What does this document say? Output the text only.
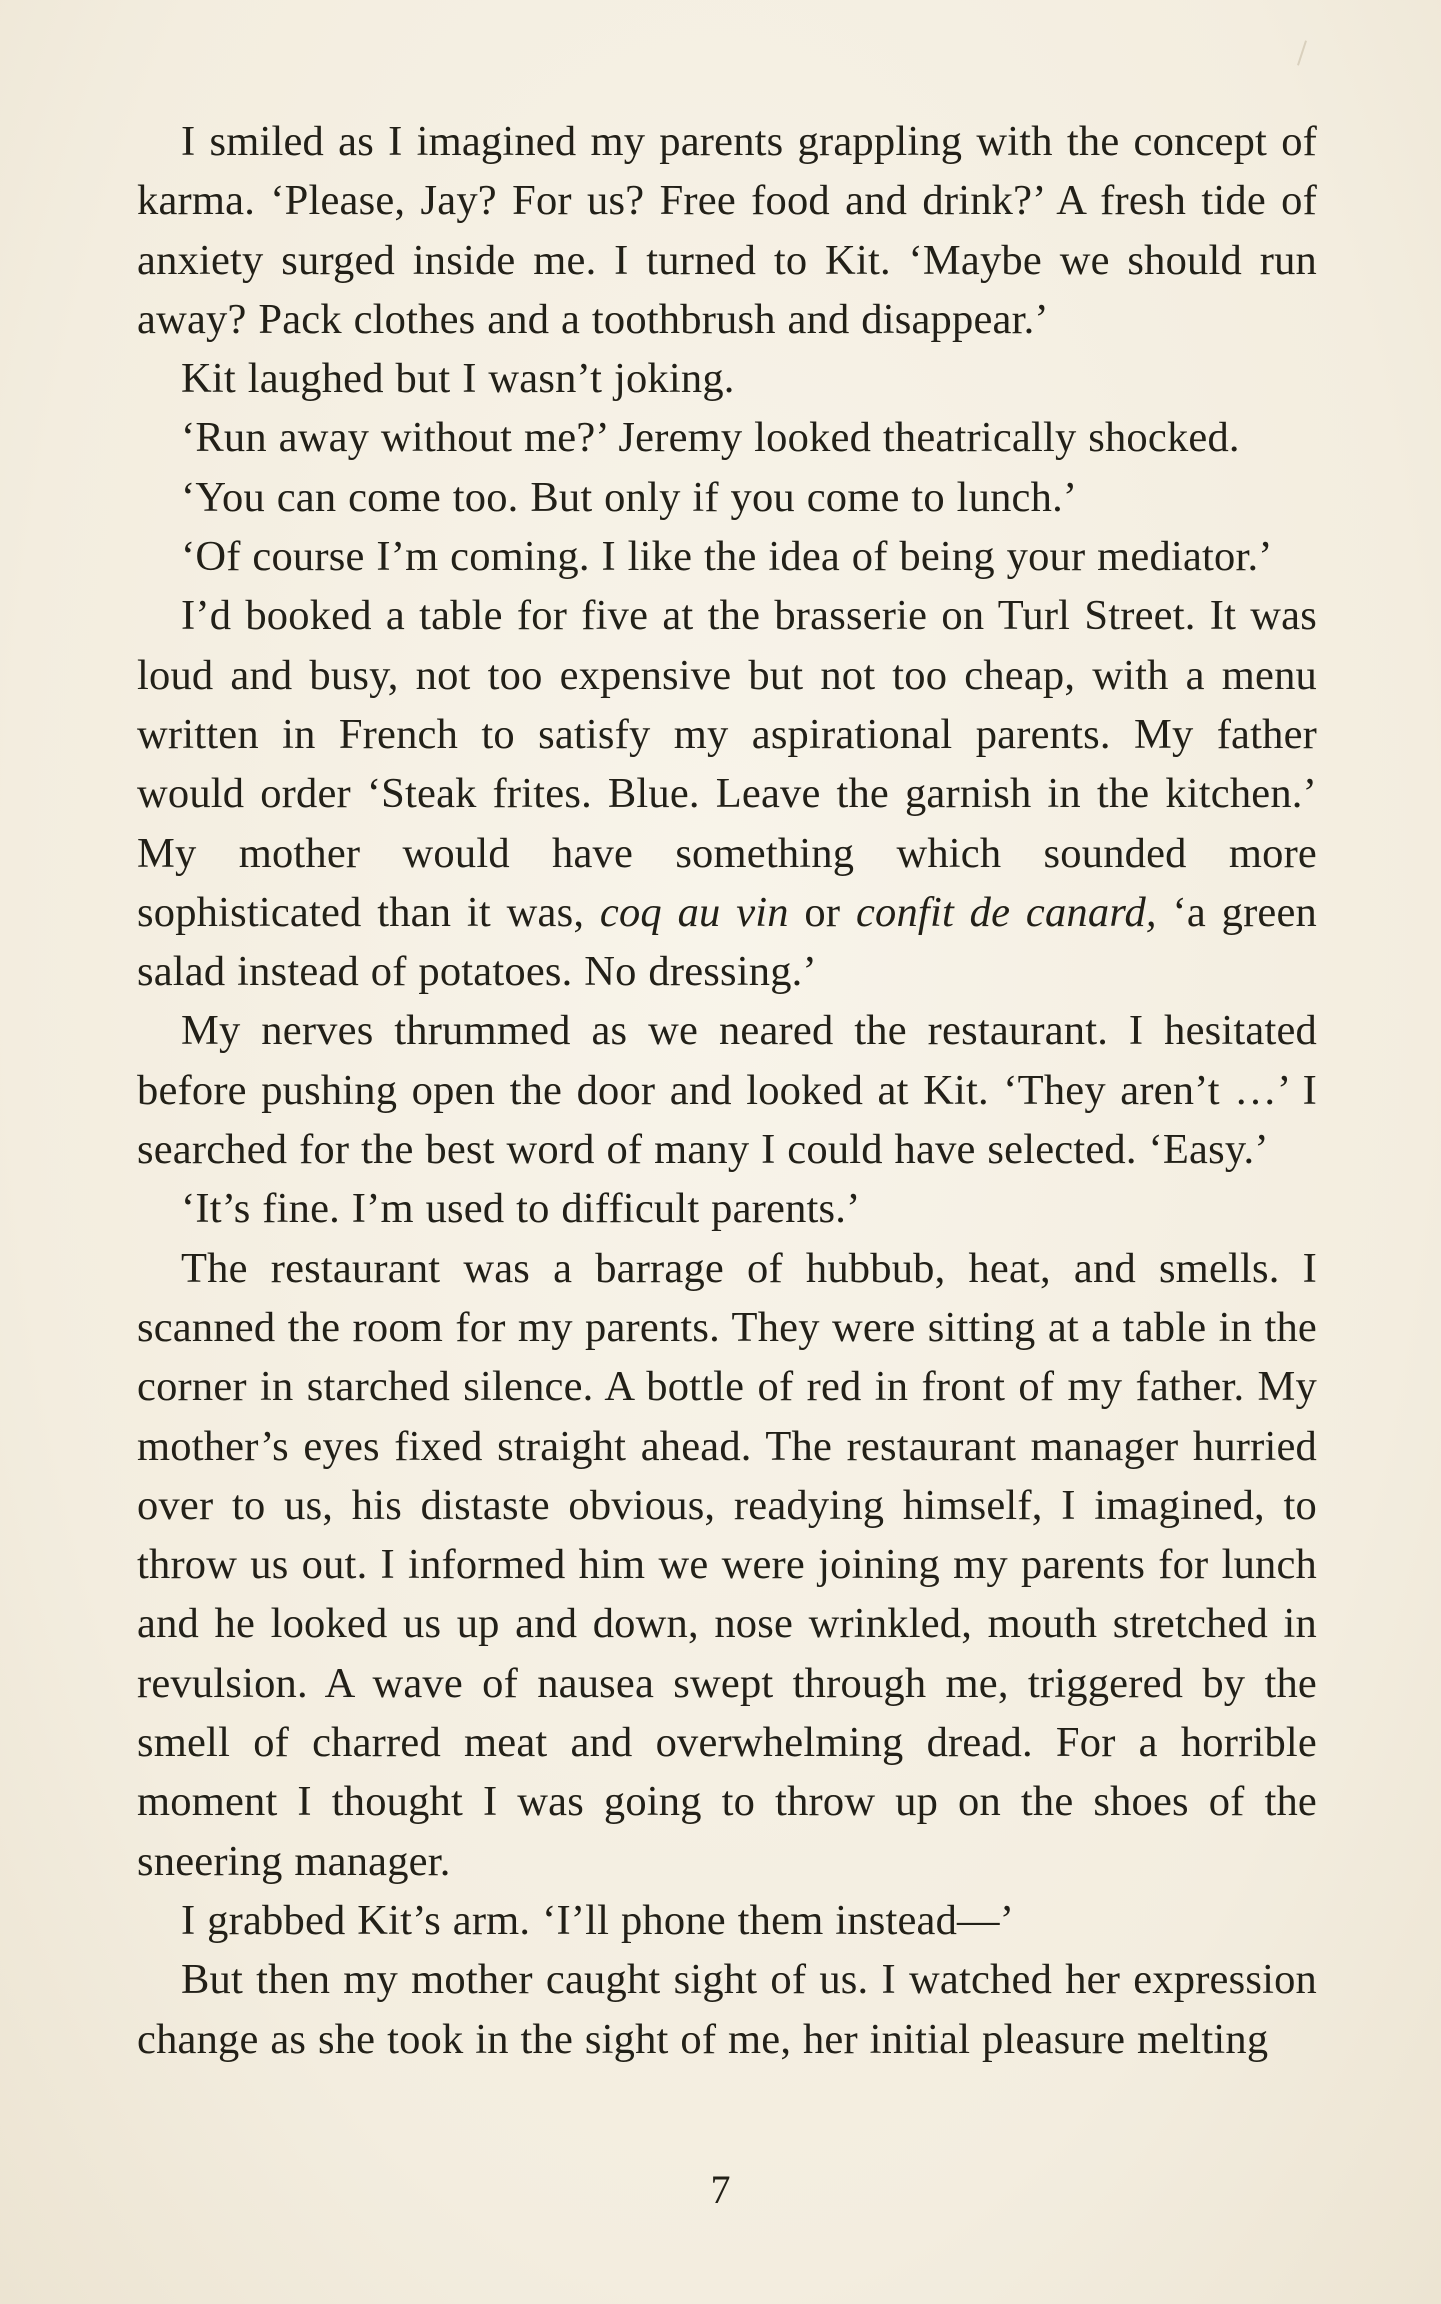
I smiled as I imagined my parents grappling with the concept of karma. ‘Please, Jay? For us? Free food and drink?’ A fresh tide of anxiety surged inside me. I turned to Kit. ‘Maybe we should run away? Pack clothes and a toothbrush and disappear.’

Kit laughed but I wasn’t joking.

‘Run away without me?’ Jeremy looked theatrically shocked.

‘You can come too. But only if you come to lunch.’

‘Of course I’m coming. I like the idea of being your mediator.’

I’d booked a table for five at the brasserie on Turl Street. It was loud and busy, not too expensive but not too cheap, with a menu written in French to satisfy my aspirational parents. My father would order ‘Steak frites. Blue. Leave the garnish in the kitchen.’ My mother would have something which sounded more sophisticated than it was, coq au vin or confit de canard, ‘a green salad instead of potatoes. No dressing.’

My nerves thrummed as we neared the restaurant. I hesitated before pushing open the door and looked at Kit. ‘They aren’t …’ I searched for the best word of many I could have selected. ‘Easy.’

‘It’s fine. I’m used to difficult parents.’

The restaurant was a barrage of hubbub, heat, and smells. I scanned the room for my parents. They were sitting at a table in the corner in starched silence. A bottle of red in front of my father. My mother’s eyes fixed straight ahead. The restaurant manager hurried over to us, his distaste obvious, readying himself, I imagined, to throw us out. I informed him we were joining my parents for lunch and he looked us up and down, nose wrinkled, mouth stretched in revulsion. A wave of nausea swept through me, triggered by the smell of charred meat and overwhelming dread. For a horrible moment I thought I was going to throw up on the shoes of the sneering manager.

I grabbed Kit’s arm. ‘I’ll phone them instead—’

But then my mother caught sight of us. I watched her expression change as she took in the sight of me, her initial pleasure melting

7
